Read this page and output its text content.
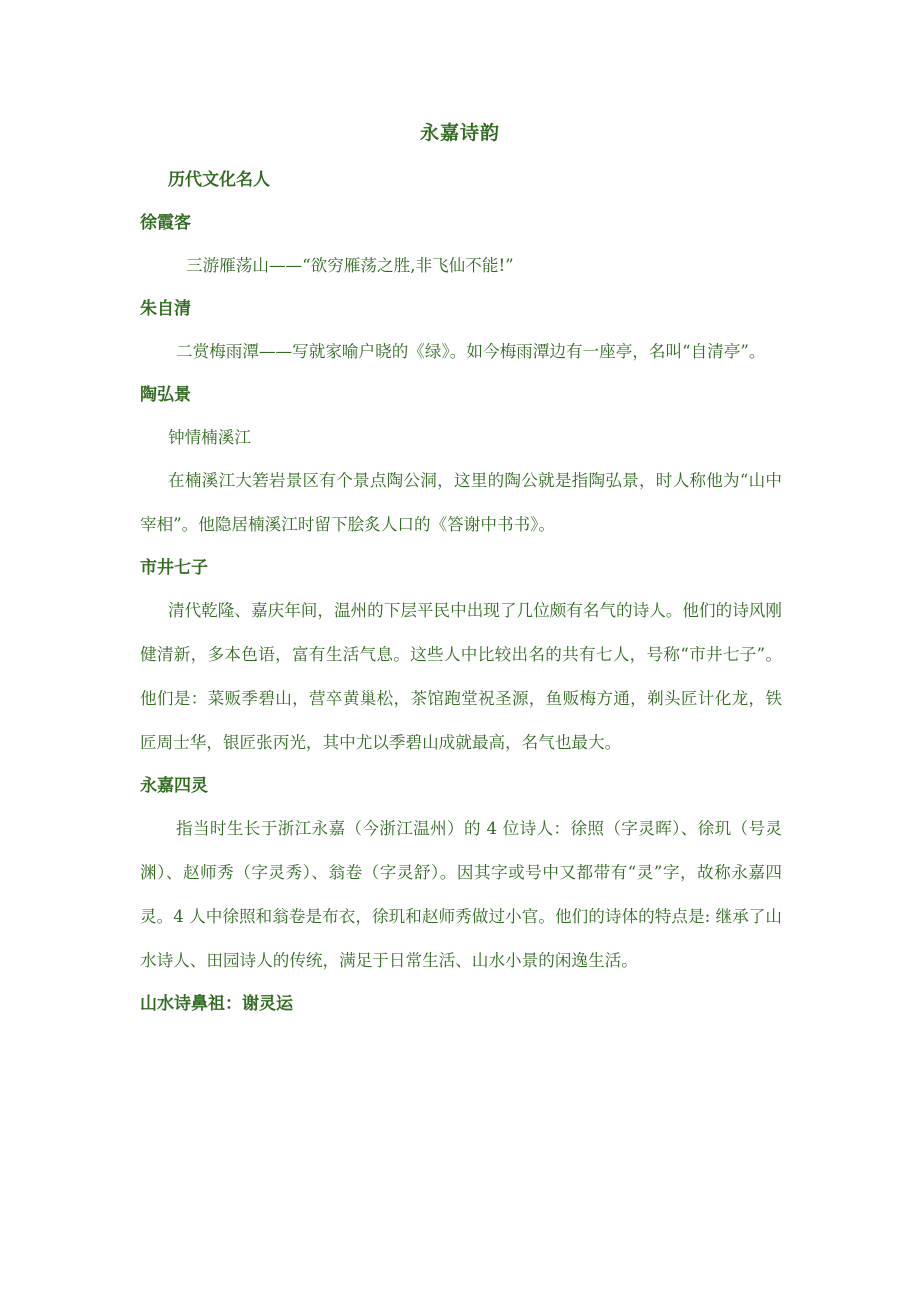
永嘉诗韵
历代文化名人
徐霞客
三游雁荡山——“欲穷雁荡之胜,非飞仙不能!”
朱自清
二赏梅雨潭——写就家喻户晓的《绿》。如今梅雨潭边有一座亭，名叫“自清亭”。
陶弘景
钟情楠溪江
在楠溪江大箬岩景区有个景点陶公洞，这里的陶公就是指陶弘景，时人称他为“山中宰相”。他隐居楠溪江时留下脍炙人口的《答谢中书书》。
市井七子
清代乾隆、嘉庆年间，温州的下层平民中出现了几位颇有名气的诗人。他们的诗风刚健清新，多本色语，富有生活气息。这些人中比较出名的共有七人，号称“市井七子”。他们是：菜贩季碧山，营卒黄巢松，茶馆跑堂祝圣源，鱼贩梅方通，剃头匠计化龙，铁匠周士华，银匠张丙光，其中尤以季碧山成就最高，名气也最大。
永嘉四灵
指当时生长于浙江永嘉（今浙江温州）的 4 位诗人：徐照（字灵晖）、徐玑（号灵渊）、赵师秀（字灵秀）、翁卷（字灵舒）。因其字或号中又都带有“灵”字，故称永嘉四灵。4 人中徐照和翁卷是布衣，徐玑和赵师秀做过小官。他们的诗体的特点是: 继承了山水诗人、田园诗人的传统，满足于日常生活、山水小景的闲逸生活。
山水诗鼻祖：谢灵运
